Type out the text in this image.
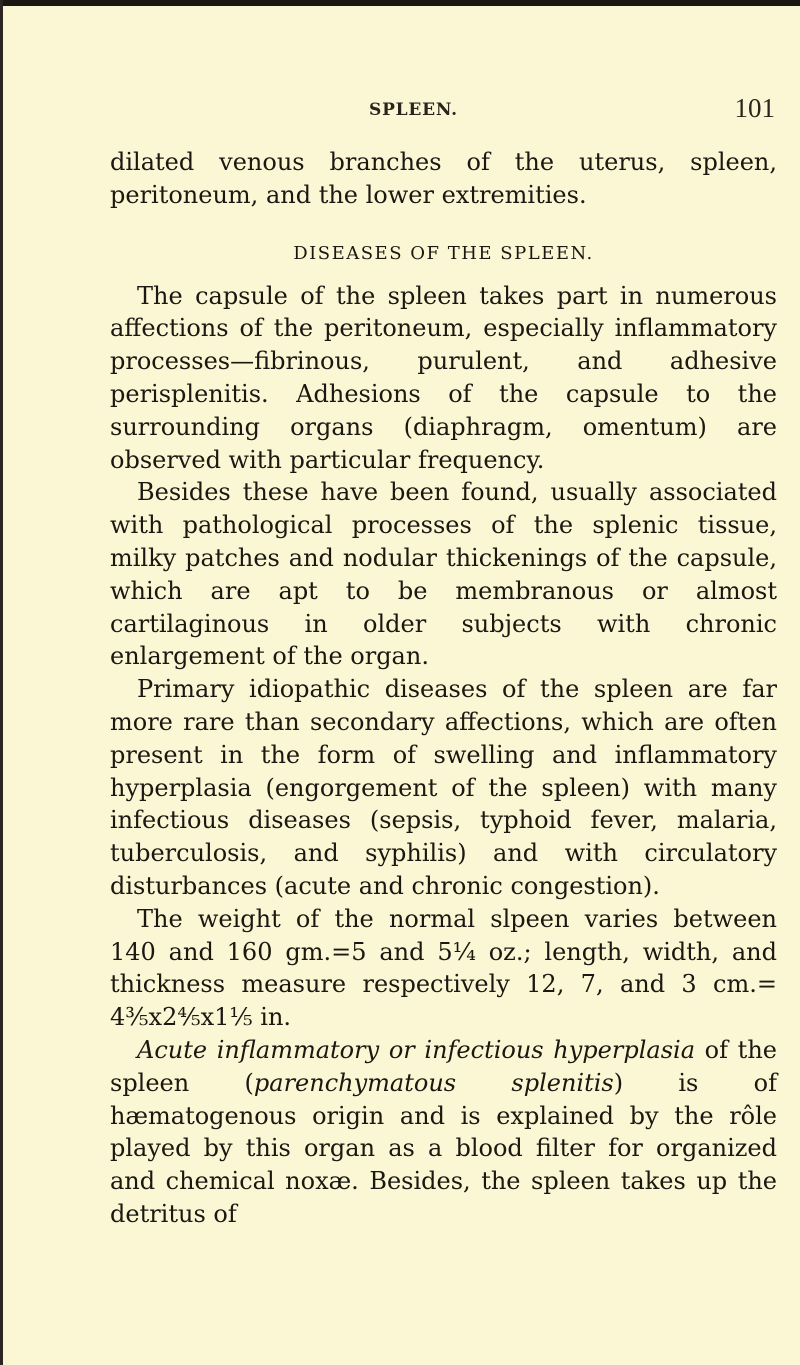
SPLEEN.	101

dilated venous branches of the uterus, spleen, peritoneum, and the lower extremities.

DISEASES OF THE SPLEEN.

The capsule of the spleen takes part in numerous affections of the peritoneum, especially inflammatory processes—fibrinous, purulent, and adhesive perisplenitis. Adhesions of the capsule to the surrounding organs (diaphragm, omentum) are observed with particular frequency.

Besides these have been found, usually associated with pathological processes of the splenic tissue, milky patches and nodular thickenings of the capsule, which are apt to be membranous or almost cartilaginous in older subjects with chronic enlargement of the organ.

Primary idiopathic diseases of the spleen are far more rare than secondary affections, which are often present in the form of swelling and inflammatory hyperplasia (engorgement of the spleen) with many infectious diseases (sepsis, typhoid fever, malaria, tuberculosis, and syphilis) and with circulatory disturbances (acute and chronic congestion).

The weight of the normal slpeen varies between 140 and 160 gm.=5 and 5¼ oz.; length, width, and thickness measure respectively 12, 7, and 3 cm.= 4⅗x2⅘x1⅕ in.

Acute inflammatory or infectious hyperplasia of the spleen (parenchymatous splenitis) is of hæmatogenous origin and is explained by the rôle played by this organ as a blood filter for organized and chemical noxæ. Besides, the spleen takes up the detritus of
